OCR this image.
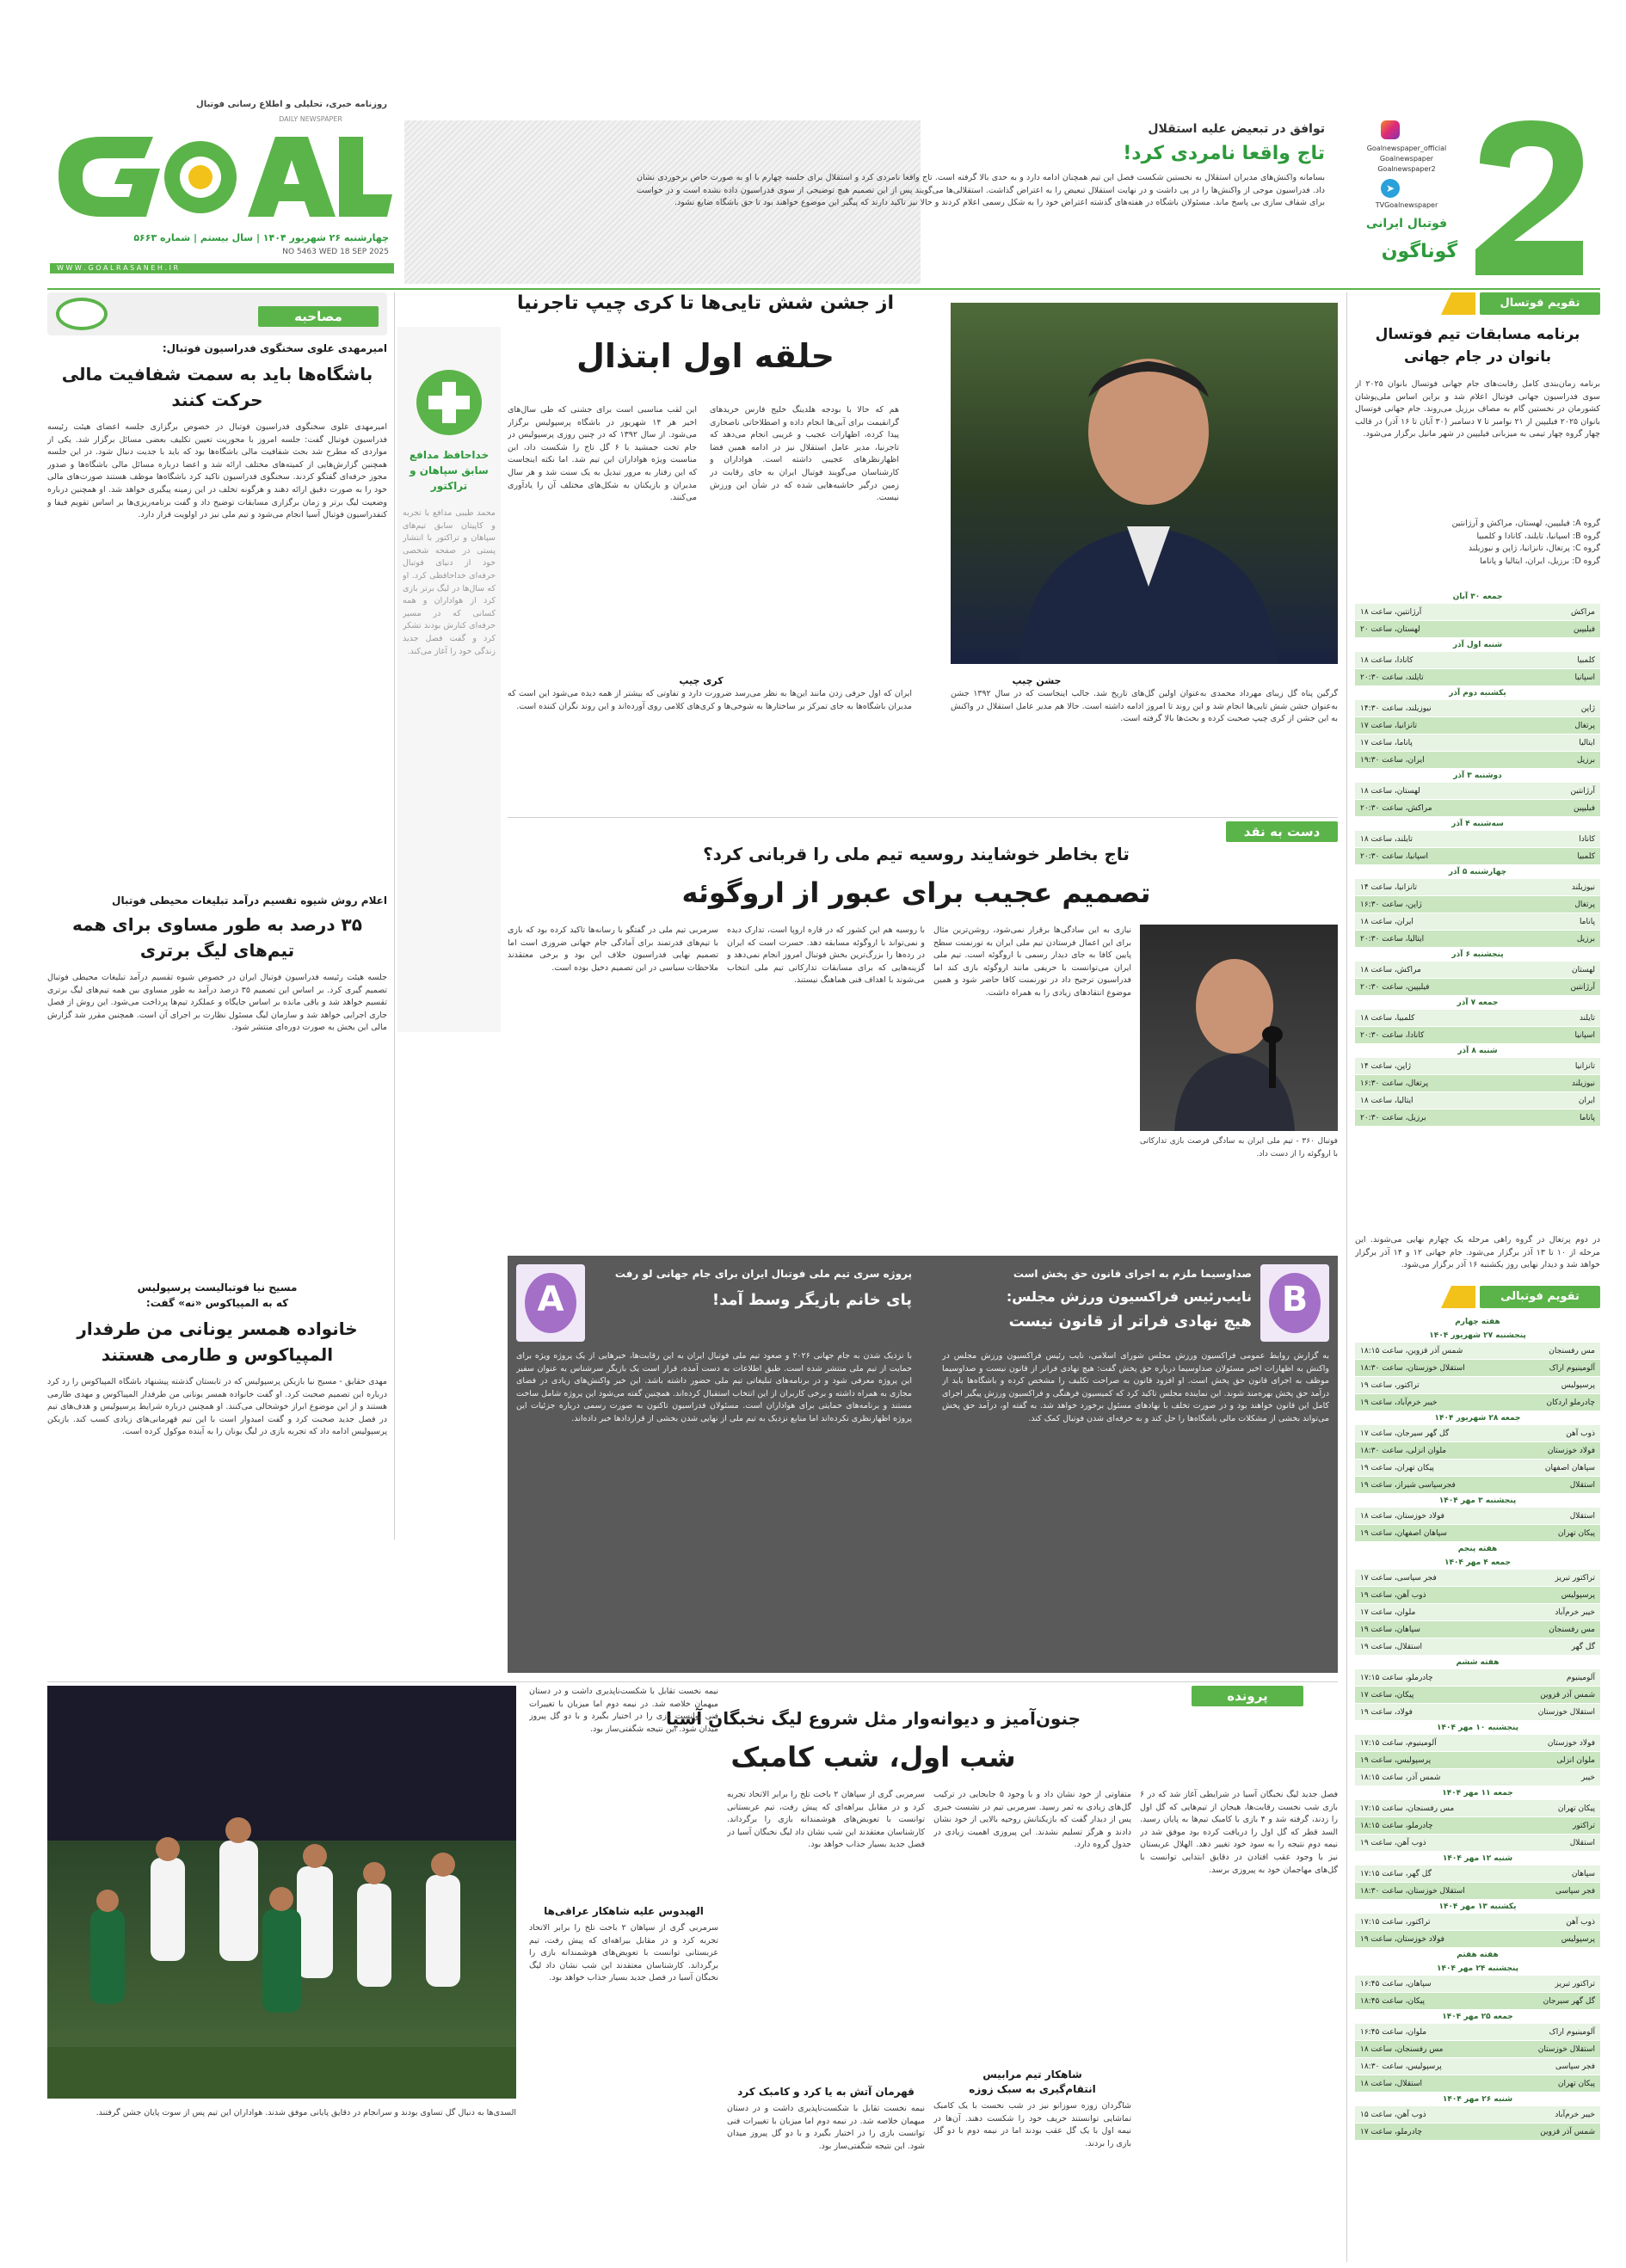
روزنامه خبری، تحلیلی و اطلاع رسانی فوتبال
DAILY NEWSPAPER
چهارشنبه ۲۶ شهریور ۱۴۰۴ | سال بیستم | شماره ۵۶۶۳
NO 5463 WED 18 SEP 2025
W W W . G O A L R A S A N E H . I R
توافق در تبعیض علیه استقلال
تاج واقعا نامردی کرد!
بسامانه واکنش‌های مدیران استقلال به نخستین شکست فصل این تیم همچنان ادامه دارد و به حدی بالا گرفته است. تاج واقعا نامردی کرد و استقلال برای جلسه چهارم با او به صورت خاص برخوردی نشان داد. فدراسیون موجی از واکنش‌ها را در پی داشت و در نهایت استقلال تبعیض را به اعتراض گذاشت. استقلالی‌ها می‌گویند پس از این تصمیم هیچ توضیحی از سوی فدراسیون داده نشده است و در خواست برای شفاف سازی بی پاسخ ماند. مسئولان باشگاه در هفته‌های گذشته اعتراض خود را به شکل رسمی اعلام کردند و حالا نیز تاکید دارند که پیگیر این موضوع خواهند بود تا حق باشگاه ضایع نشود.
Goalnewspaper_official
Goalnewspaper
Goalnewspaper2
➤
TVGoalnewspaper
فوتبال ایرانی
گوناگون
تقویم فوتسال
برنامه مسابقات تیم فوتسال بانوان در جام جهانی
برنامه زمان‌بندی کامل رقابت‌های جام جهانی فوتسال بانوان ۲۰۲۵ از سوی فدراسیون جهانی فوتبال اعلام شد و براین اساس ملی‌پوشان کشورمان در نخستین گام به مصاف برزیل می‌روند. جام جهانی فوتسال بانوان ۲۰۲۵ فیلیپین از ۲۱ نوامبر تا ۷ دسامبر (۳۰ آبان تا ۱۶ آذر) در قالب چهار گروه چهار تیمی به میزبانی فیلیپین در شهر مانیل برگزار می‌شود.
گروه A: فیلیپین، لهستان، مراکش و آرژانتین
گروه B: اسپانیا، تایلند، کانادا و کلمبیا
گروه C: پرتغال، تانزانیا، ژاپن و نیوزیلند
گروه D: برزیل، ایران، ایتالیا و پاناما
جمعه ۳۰ آبان
مراکش
آرژانتین، ساعت ۱۸
فیلیپین
لهستان، ساعت ۲۰
شنبه اول آذر
کلمبیا
کانادا، ساعت ۱۸
اسپانیا
تایلند، ساعت ۲۰:۳۰
یکشنبه دوم آذر
ژاپن
نیوزیلند، ساعت ۱۴:۳۰
پرتغال
تانزانیا، ساعت ۱۷
ایتالیا
پاناما، ساعت ۱۷
برزیل
ایران، ساعت ۱۹:۳۰
دوشنبه ۳ آذر
آرژانتین
لهستان، ساعت ۱۸
فیلیپین
مراکش، ساعت ۲۰:۳۰
سه‌شنبه ۴ آذر
کانادا
تایلند، ساعت ۱۸
کلمبیا
اسپانیا، ساعت ۲۰:۳۰
چهارشنبه ۵ آذر
نیوزیلند
تانزانیا، ساعت ۱۴
پرتغال
ژاپن، ساعت ۱۶:۳۰
پاناما
ایران، ساعت ۱۸
برزیل
ایتالیا، ساعت ۲۰:۳۰
پنجشنبه ۶ آذر
لهستان
مراکش، ساعت ۱۸
آرژانتین
فیلیپین، ساعت ۲۰:۳۰
جمعه ۷ آذر
تایلند
کلمبیا، ساعت ۱۸
اسپانیا
کانادا، ساعت ۲۰:۳۰
شنبه ۸ آذر
تانزانیا
ژاپن، ساعت ۱۴
نیوزیلند
پرتغال، ساعت ۱۶:۳۰
ایران
ایتالیا، ساعت ۱۸
پاناما
برزیل، ساعت ۲۰:۳۰
در دوم پرتغال در گروه راهی مرحله یک چهارم نهایی می‌شوند. این مرحله از ۱۰ تا ۱۳ آذر برگزار می‌شود. جام جهانی ۱۲ و ۱۴ آذر برگزار خواهد شد و دیدار نهایی روز یکشنبه ۱۶ آذر برگزار می‌شود.
تقویم فوتبالی
هفته چهارم
پنجشنبه ۲۷ شهریور ۱۴۰۴
مس رفسنجان
شمس آذر قزوین، ساعت ۱۸:۱۵
آلومینیوم اراک
استقلال خوزستان، ساعت ۱۸:۳۰
پرسپولیس
تراکتور، ساعت ۱۹
چادرملو اردکان
خیبر خرم‌آباد، ساعت ۱۹
جمعه ۲۸ شهریور ۱۴۰۴
ذوب آهن
گل گهر سیرجان، ساعت ۱۷
فولاد خوزستان
ملوان انزلی، ساعت ۱۸:۳۰
سپاهان اصفهان
پیکان تهران، ساعت ۱۹
استقلال
فجرسپاسی شیراز، ساعت ۱۹
پنجشنبه ۳ مهر ۱۴۰۴
استقلال
فولاد خوزستان، ساعت ۱۸
پیکان تهران
سپاهان اصفهان، ساعت ۱۹
هفته پنجم
جمعه ۴ مهر ۱۴۰۴
تراکتور تبریز
فجر سپاسی، ساعت ۱۷
پرسپولیس
ذوب آهن، ساعت ۱۹
خیبر خرم‌آباد
ملوان، ساعت ۱۷
مس رفسنجان
سپاهان، ساعت ۱۹
گل گهر
استقلال، ساعت ۱۹
هفته ششم
آلومینیوم
چادرملو، ساعت ۱۷:۱۵
شمس آذر قزوین
پیکان، ساعت ۱۷
استقلال خوزستان
فولاد، ساعت ۱۹
پنجشنبه ۱۰ مهر ۱۴۰۴
فولاد خوزستان
آلومینیوم، ساعت ۱۷:۱۵
ملوان انزلی
پرسپولیس، ساعت ۱۹
خیبر
شمس آذر، ساعت ۱۸:۱۵
جمعه ۱۱ مهر ۱۴۰۴
پیکان تهران
مس رفسنجان، ساعت ۱۷:۱۵
تراکتور
چادرملو، ساعت ۱۸:۱۵
استقلال
ذوب آهن، ساعت ۱۹
شنبه ۱۲ مهر ۱۴۰۴
سپاهان
گل گهر، ساعت ۱۷:۱۵
فجر سپاسی
استقلال خوزستان، ساعت ۱۸:۳۰
یکشنبه ۱۳ مهر ۱۴۰۴
ذوب آهن
تراکتور، ساعت ۱۷:۱۵
پرسپولیس
فولاد خوزستان، ساعت ۱۹
هفته هفتم
پنجشنبه ۲۴ مهر ۱۴۰۴
تراکتور تبریز
سپاهان، ساعت ۱۶:۴۵
گل گهر سیرجان
پیکان، ساعت ۱۸:۴۵
جمعه ۲۵ مهر ۱۴۰۴
آلومینیوم اراک
ملوان، ساعت ۱۶:۴۵
استقلال خوزستان
مس رفسنجان، ساعت ۱۸
فجر سپاسی
پرسپولیس، ساعت ۱۸:۳۰
پیکان تهران
استقلال، ساعت ۱۸
شنبه ۲۶ مهر ۱۴۰۴
خیبر خرم‌آباد
ذوب آهن، ساعت ۱۵
شمس آذر قزوین
چادرملو، ساعت ۱۷
مصاحبه
امیرمهدی علوی سخنگوی فدراسیون فوتبال:
باشگاه‌ها باید به سمت شفافیت مالی حرکت کنند
امیرمهدی علوی سخنگوی فدراسیون فوتبال در خصوص برگزاری جلسه اعضای هیئت رئیسه فدراسیون فوتبال گفت: جلسه امروز با محوریت تعیین تکلیف بعضی مسائل برگزار شد. یکی از مواردی که مطرح شد بحث شفافیت مالی باشگاه‌ها بود که باید با جدیت دنبال شود. در این جلسه همچنین گزارش‌هایی از کمیته‌های مختلف ارائه شد و اعضا درباره مسائل مالی باشگاه‌ها و صدور مجوز حرفه‌ای گفتگو کردند. سخنگوی فدراسیون تاکید کرد باشگاه‌ها موظف هستند صورت‌های مالی خود را به صورت دقیق ارائه دهند و هرگونه تخلف در این زمینه پیگیری خواهد شد. او همچنین درباره وضعیت لیگ برتر و زمان برگزاری مسابقات توضیح داد و گفت برنامه‌ریزی‌ها بر اساس تقویم فیفا و کنفدراسیون فوتبال آسیا انجام می‌شود و تیم ملی نیز در اولویت قرار دارد.
اعلام روش شیوه تقسیم درآمد تبلیغات محیطی فوتبال
۳۵ درصد به طور مساوی برای همه تیم‌های لیگ برتری
جلسه هیئت رئیسه فدراسیون فوتبال ایران در خصوص شیوه تقسیم درآمد تبلیغات محیطی فوتبال تصمیم گیری کرد. بر اساس این تصمیم ۳۵ درصد درآمد به طور مساوی بین همه تیم‌های لیگ برتری تقسیم خواهد شد و باقی مانده بر اساس جایگاه و عملکرد تیم‌ها پرداخت می‌شود. این روش از فصل جاری اجرایی خواهد شد و سازمان لیگ مسئول نظارت بر اجرای آن است. همچنین مقرر شد گزارش مالی این بخش به صورت دوره‌ای منتشر شود.
مسیح نیا فوتبالیست پرسپولیس
که به المپیاکوس «نه» گفت:
خانواده همسر یونانی من طرفدار المپیاکوس و طارمی هستند
مهدی حقایق - مسیح نیا بازیکن پرسپولیس که در تابستان گذشته پیشنهاد باشگاه المپیاکوس را رد کرد درباره این تصمیم صحبت کرد. او گفت خانواده همسر یونانی من طرفدار المپیاکوس و مهدی طارمی هستند و از این موضوع ابراز خوشحالی می‌کنند. او همچنین درباره شرایط پرسپولیس و هدف‌های تیم در فصل جدید صحبت کرد و گفت امیدوار است با این تیم قهرمانی‌های زیادی کسب کند. بازیکن پرسپولیس ادامه داد که تجربه بازی در لیگ یونان را به آینده موکول کرده است.
خداحافظ مدافع سابق سپاهان و تراکتور
محمد طیبی مدافع با تجربه و کاپیتان سابق تیم‌های سپاهان و تراکتور با انتشار پستی در صفحه شخصی خود از دنیای فوتبال حرفه‌ای خداحافظی کرد. او که سال‌ها در لیگ برتر بازی کرد از هواداران و همه کسانی که در مسیر حرفه‌ای کنارش بودند تشکر کرد و گفت فصل جدید زندگی خود را آغاز می‌کند.
از جشن شش تایی‌ها تا کری چیپ تاجرنیا
حلقه اول ابتذال
این لقب مناسبی است برای جشنی که طی سال‌های اخیر هر ۱۴ شهریور در باشگاه پرسپولیس برگزار می‌شود. از سال ۱۳۹۲ که در چنین روزی پرسپولیس در جام تخت جمشید با ۶ گل تاج را شکست داد، این مناسبت ویژه هواداران این تیم شد. اما نکته اینجاست که این رفتار به مرور تبدیل به یک سنت شد و هر سال مدیران و بازیکنان به شکل‌های مختلف آن را یادآوری می‌کنند.
هم که حالا با بودجه هلدینگ خلیج فارس خریدهای گرانقیمت برای آبی‌ها انجام داده و اصطلاحاتی ناصحاری پیدا کرده، اظهارات عجیب و غریبی انجام می‌دهد که تاجرنیا، مدیر عامل استقلال نیز در ادامه همین فضا اظهارنظرهای عجیبی داشته است. هواداران و کارشناسان می‌گویند فوتبال ایران به جای رقابت در زمین درگیر حاشیه‌هایی شده که در شأن این ورزش نیست.
کری چیپ
ایران که اول حرفی زدن مانند این‌ها به نظر می‌رسد ضرورت دارد و تفاوتی که بیشتر از همه دیده می‌شود این است که مدیران باشگاه‌ها به جای تمرکز بر ساختارها به شوخی‌ها و کری‌های کلامی روی آورده‌اند و این روند نگران کننده است.
جشن چیپ
گرگین پناه گل زیبای مهرداد محمدی به‌عنوان اولین گل‌های تاریخ شد. جالب اینجاست که در سال ۱۳۹۲ جشن به‌عنوان جشن شش تایی‌ها انجام شد و این روند تا امروز ادامه داشته است. حالا هم مدیر عامل استقلال در واکنش به این جشن از کری چیپ صحبت کرده و بحث‌ها بالا گرفته است.
دست به نقد
تاج بخاطر خوشایند روسیه تیم ملی را قربانی کرد؟
تصمیم عجیب برای عبور از اروگوئه
فوتبال ۳۶۰ - تیم ملی ایران به سادگی فرصت بازی تدارکاتی با اروگوئه را از دست داد.
نیازی به این سادگی‌ها برقرار نمی‌شود، روشن‌ترین مثال برای این اعمال فرستادن تیم ملی ایران به تورنمنت سطح پایین کافا به جای دیدار رسمی با اروگوئه است. تیم ملی ایران می‌توانست با حریفی مانند اروگوئه بازی کند اما فدراسیون ترجیح داد در تورنمنت کافا حاضر شود و همین موضوع انتقادهای زیادی را به همراه داشت.
با روسیه هم این کشور که در قاره اروپا است، تدارک دیده و نمی‌تواند با اروگوئه مسابقه دهد. حسرت است که ایران در رده‌ها را بزرگ‌ترین بخش فوتبال امروز انجام نمی‌دهد و گزینه‌هایی که برای مسابقات تدارکاتی تیم ملی انتخاب می‌شوند با اهداف فنی هماهنگ نیستند.
سرمربی تیم ملی در گفتگو با رسانه‌ها تاکید کرده بود که بازی با تیم‌های قدرتمند برای آمادگی جام جهانی ضروری است اما تصمیم نهایی فدراسیون خلاف این بود و برخی معتقدند ملاحظات سیاسی در این تصمیم دخیل بوده است.
B
صداوسیما ملزم به اجرای قانون حق پخش است
نایب‌رئیس فراکسیون ورزش مجلس:
هیچ نهادی فراتر از قانون نیست
به گزارش روابط عمومی فراکسیون ورزش مجلس شورای اسلامی، نایب رئیس فراکسیون ورزش مجلس در واکنش به اظهارات اخیر مسئولان صداوسیما درباره حق پخش گفت: هیچ نهادی فراتر از قانون نیست و صداوسیما موظف به اجرای قانون حق پخش است. او افزود قانون به صراحت تکلیف را مشخص کرده و باشگاه‌ها باید از درآمد حق پخش بهره‌مند شوند. این نماینده مجلس تاکید کرد که کمیسیون فرهنگی و فراکسیون ورزش پیگیر اجرای کامل این قانون خواهند بود و در صورت تخلف با نهادهای مسئول برخورد خواهد شد. به گفته او، درآمد حق پخش می‌تواند بخشی از مشکلات مالی باشگاه‌ها را حل کند و به حرفه‌ای شدن فوتبال کمک کند.
A
پروژه سری تیم ملی فوتبال ایران برای جام جهانی لو رفت
پای خانم بازیگر وسط آمد!
با نزدیک شدن به جام جهانی ۲۰۲۶ و صعود تیم ملی فوتبال ایران به این رقابت‌ها، خبرهایی از یک پروژه ویژه برای حمایت از تیم ملی منتشر شده است. طبق اطلاعات به دست آمده، قرار است یک بازیگر سرشناس به عنوان سفیر این پروژه معرفی شود و در برنامه‌های تبلیغاتی تیم ملی حضور داشته باشد. این خبر واکنش‌های زیادی در فضای مجازی به همراه داشته و برخی کاربران از این انتخاب استقبال کرده‌اند. همچنین گفته می‌شود این پروژه شامل ساخت مستند و برنامه‌های حمایتی برای هواداران است. مسئولان فدراسیون تاکنون به صورت رسمی درباره جزئیات این پروژه اظهارنظری نکرده‌اند اما منابع نزدیک به تیم ملی از نهایی شدن بخشی از قراردادها خبر داده‌اند.
پرونده
جنون‌آمیز و دیوانه‌وار مثل شروع لیگ نخبگان آسیا
شب اول، شب کامبک
فصل جدید لیگ نخبگان آسیا در شرایطی آغاز شد که در ۶ بازی شب نخست رقابت‌ها، هیجان از تیم‌هایی که گل اول را زدند، گرفته شد و ۴ بازی با کامبک تیم‌ها به پایان رسید. السد قطر که گل اول را دریافت کرده بود موفق شد در نیمه دوم نتیجه را به سود خود تغییر دهد. الهلال عربستان نیز با وجود عقب افتادن در دقایق ابتدایی توانست با گل‌های مهاجمان خود به پیروزی برسد.
متفاوتی از خود نشان داد و با وجود ۵ جابجایی در ترکیب گل‌های زیادی به ثمر رسید. سرمربی تیم در نشست خبری پس از دیدار گفت که بازیکنانش روحیه بالایی از خود نشان دادند و هرگز تسلیم نشدند. این پیروزی اهمیت زیادی در جدول گروه دارد.
شاهکار تیم مرابیس
انتقام‌گیری به سبک زوزه
شاگردان زوزه سوزانو نیز در شب نخست با یک کامبک تماشایی توانستند حریف خود را شکست دهند. آن‌ها در نیمه اول با یک گل عقب بودند اما در نیمه دوم با دو گل بازی را بردند.
سرمربی گری از سپاهان ۲ باخت تلخ را برابر الاتحاد تجربه کرد و در مقابل بیراهه‌ای که پیش رفت، تیم عربستانی توانست با تعویض‌های هوشمندانه بازی را برگرداند. کارشناسان معتقدند این شب نشان داد لیگ نخبگان آسیا در فصل جدید بسیار جذاب خواهد بود.
قهرمان آتش به یا کرد و کامبک کرد
نیمه نخست تقابل با شکست‌ناپذیری داشت و در دستان میهمان خلاصه شد. در نیمه دوم اما میزبان با تغییرات فنی توانست بازی را در اختیار بگیرد و با دو گل پیروز میدان شود. این نتیجه شگفتی‌ساز بود.
نیمه نخست تقابل با شکست‌ناپذیری داشت و در دستان میهمان خلاصه شد. در نیمه دوم اما میزبان با تغییرات فنی توانست بازی را در اختیار بگیرد و با دو گل پیروز میدان شود. این نتیجه شگفتی‌ساز بود.
الهیدوس علیه شاهکار عراقی‌ها
سرمربی گری از سپاهان ۲ باخت تلخ را برابر الاتحاد تجربه کرد و در مقابل بیراهه‌ای که پیش رفت، تیم عربستانی توانست با تعویض‌های هوشمندانه بازی را برگرداند. کارشناسان معتقدند این شب نشان داد لیگ نخبگان آسیا در فصل جدید بسیار جذاب خواهد بود.
السدی‌ها به دنبال گل تساوی بودند و سرانجام در دقایق پایانی موفق شدند. هواداران این تیم پس از سوت پایان جشن گرفتند.
